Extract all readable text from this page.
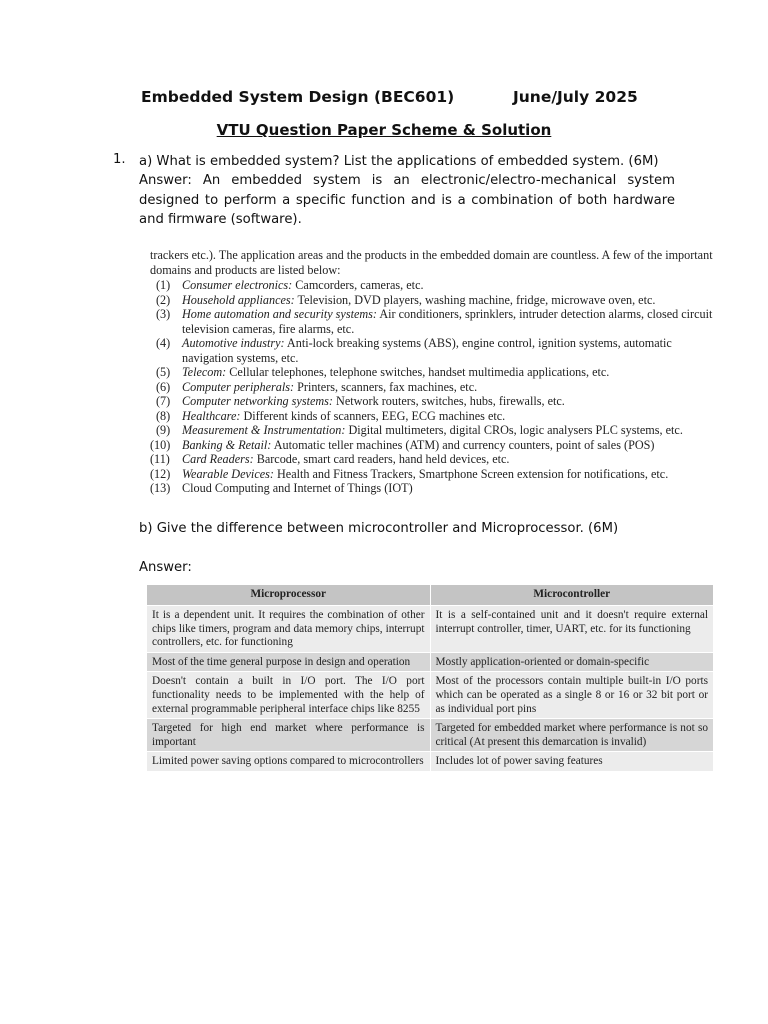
Embedded System Design (BEC601)	June/July 2025
VTU Question Paper Scheme & Solution
1. a) What is embedded system? List the applications of embedded system. (6M)

Answer: An embedded system is an electronic/electro-mechanical system designed to perform a specific function and is a combination of both hardware and firmware (software).

trackers etc.). The application areas and the products in the embedded domain are countless. A few of the important domains and products are listed below:

(1) Consumer electronics: Camcorders, cameras, etc.
(2) Household appliances: Television, DVD players, washing machine, fridge, microwave oven, etc.
(3) Home automation and security systems: Air conditioners, sprinklers, intruder detection alarms, closed circuit television cameras, fire alarms, etc.
(4) Automotive industry: Anti-lock breaking systems (ABS), engine control, ignition systems, automatic navigation systems, etc.
(5) Telecom: Cellular telephones, telephone switches, handset multimedia applications, etc.
(6) Computer peripherals: Printers, scanners, fax machines, etc.
(7) Computer networking systems: Network routers, switches, hubs, firewalls, etc.
(8) Healthcare: Different kinds of scanners, EEG, ECG machines etc.
(9) Measurement & Instrumentation: Digital multimeters, digital CROs, logic analysers PLC systems, etc.
(10) Banking & Retail: Automatic teller machines (ATM) and currency counters, point of sales (POS)
(11) Card Readers: Barcode, smart card readers, hand held devices, etc.
(12) Wearable Devices: Health and Fitness Trackers, Smartphone Screen extension for notifications, etc.
(13) Cloud Computing and Internet of Things (IOT)
b) Give the difference between microcontroller and Microprocessor. (6M)
Answer:
Microprocessor	Microcontroller
It is a dependent unit. It requires the combination of other chips like timers, program and data memory chips, interrupt controllers, etc. for functioning	It is a self-contained unit and it doesn't require external interrupt controller, timer, UART, etc. for its functioning
Most of the time general purpose in design and operation	Mostly application-oriented or domain-specific
Doesn't contain a built in I/O port. The I/O port functionality needs to be implemented with the help of external programmable peripheral interface chips like 8255	Most of the processors contain multiple built-in I/O ports which can be operated as a single 8 or 16 or 32 bit port or as individual port pins
Targeted for high end market where performance is important	Targeted for embedded market where performance is not so critical (At present this demarcation is invalid)
Limited power saving options compared to microcontrollers	Includes lot of power saving features
